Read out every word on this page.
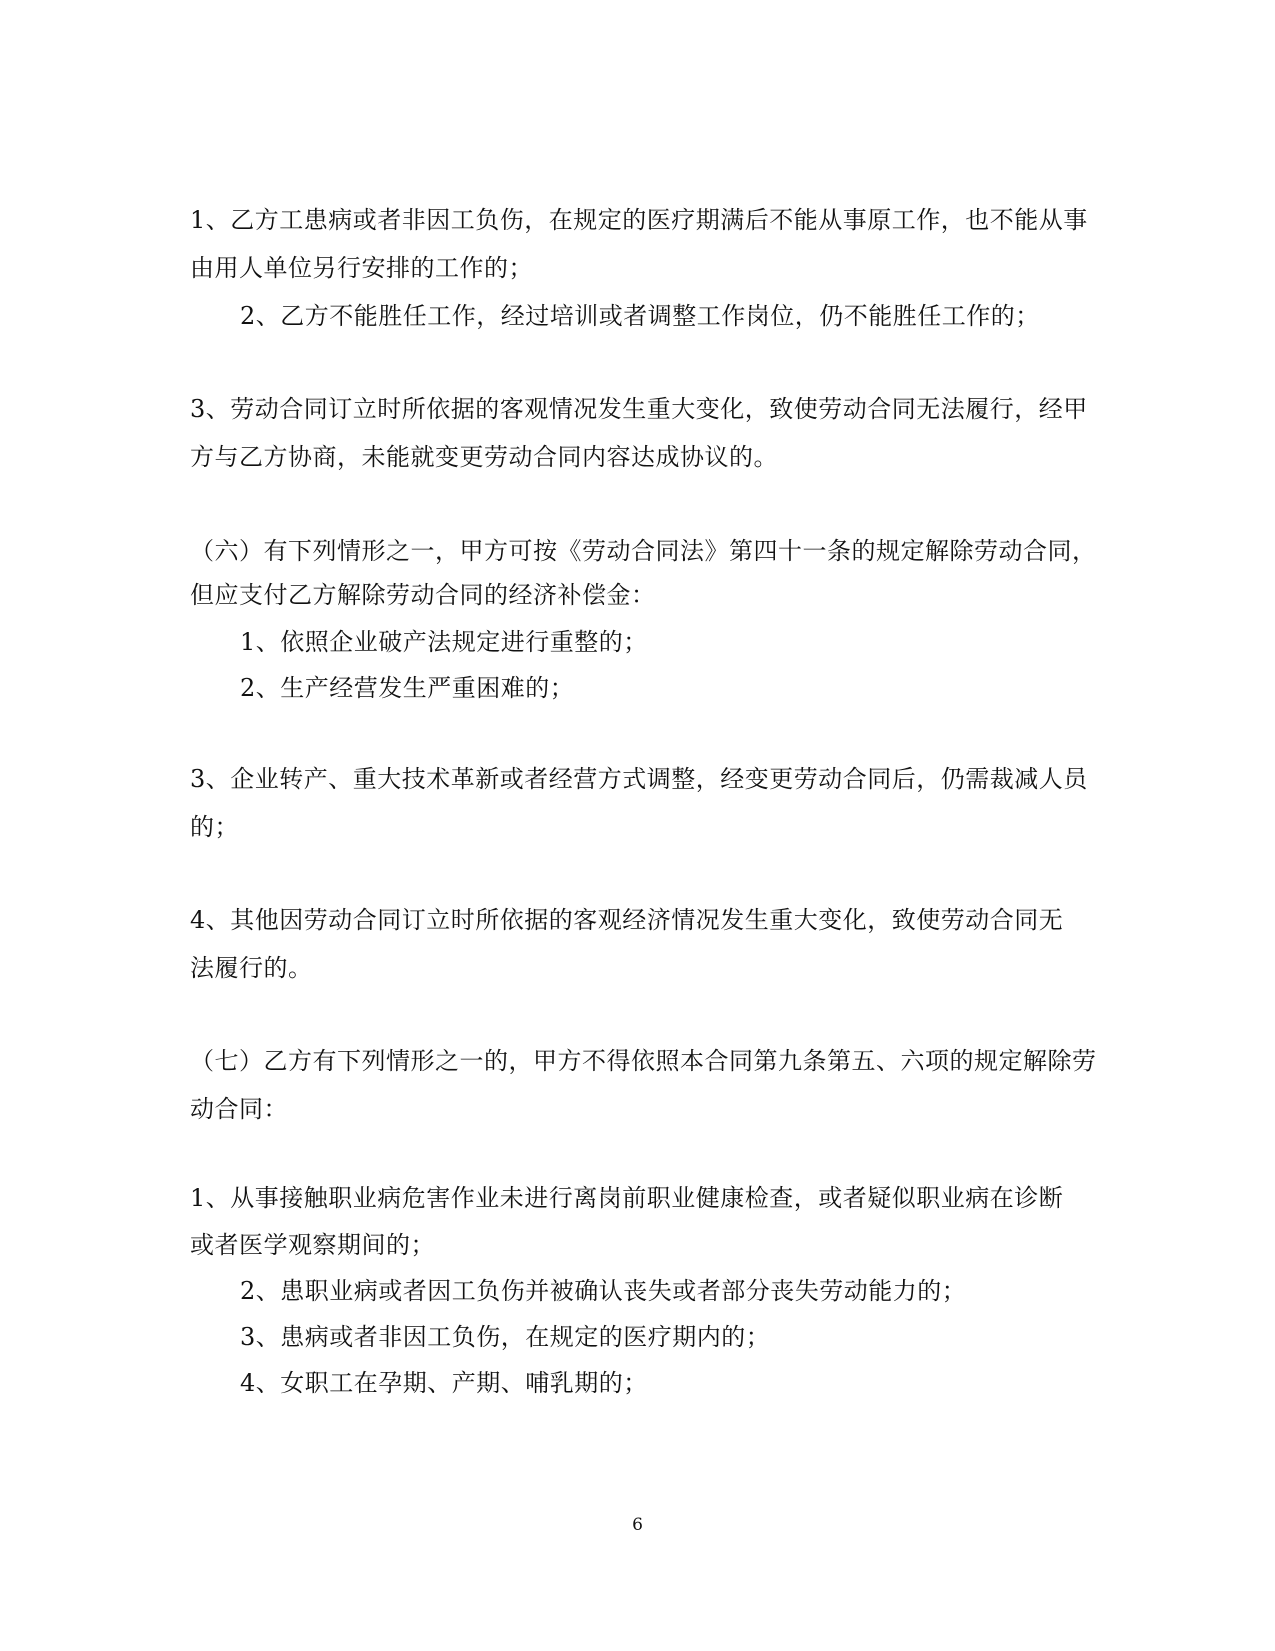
1、乙方工患病或者非因工负伤，在规定的医疗期满后不能从事原工作，也不能从事
由用人单位另行安排的工作的；
2、乙方不能胜任工作，经过培训或者调整工作岗位，仍不能胜任工作的；
3、劳动合同订立时所依据的客观情况发生重大变化，致使劳动合同无法履行，经甲
方与乙方协商，未能就变更劳动合同内容达成协议的。
（六）有下列情形之一，甲方可按《劳动合同法》第四十一条的规定解除劳动合同，
但应支付乙方解除劳动合同的经济补偿金：
1、依照企业破产法规定进行重整的；
2、生产经营发生严重困难的；
3、企业转产、重大技术革新或者经营方式调整，经变更劳动合同后，仍需裁减人员
的；
4、其他因劳动合同订立时所依据的客观经济情况发生重大变化，致使劳动合同无
法履行的。
（七）乙方有下列情形之一的，甲方不得依照本合同第九条第五、六项的规定解除劳
动合同：
1、从事接触职业病危害作业未进行离岗前职业健康检查，或者疑似职业病在诊断
或者医学观察期间的；
2、患职业病或者因工负伤并被确认丧失或者部分丧失劳动能力的；
3、患病或者非因工负伤，在规定的医疗期内的；
4、女职工在孕期、产期、哺乳期的；
6
